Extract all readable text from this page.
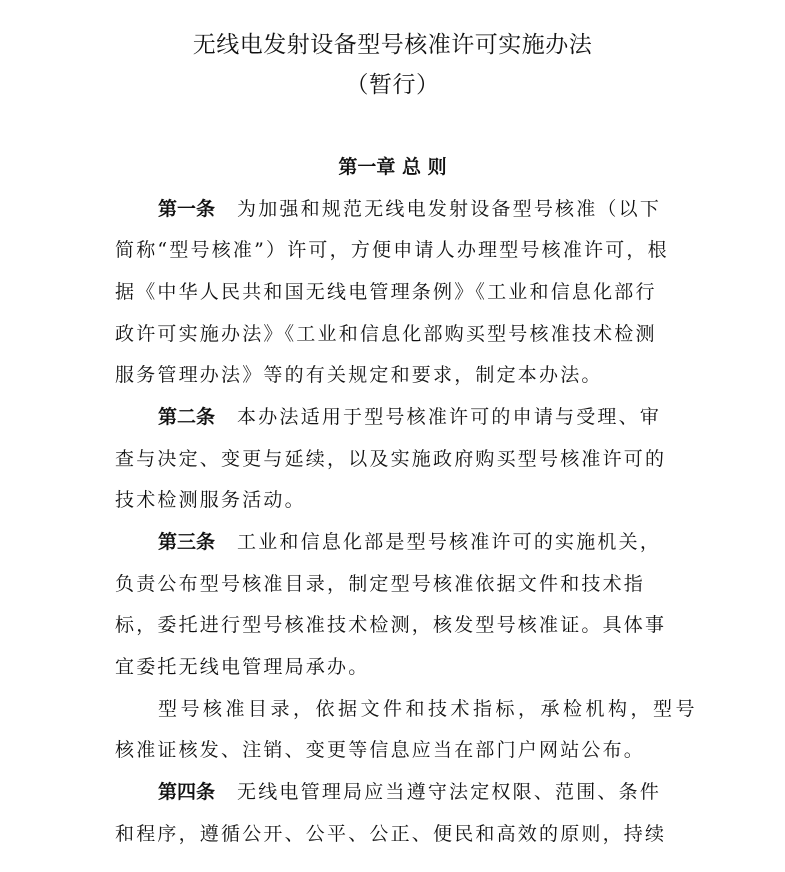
无线电发射设备型号核准许可实施办法
（暂行）
第一章 总 则
第一条 为加强和规范无线电发射设备型号核准（以下
简称“型号核准”）许可，方便申请人办理型号核准许可，根
据《中华人民共和国无线电管理条例》《工业和信息化部行
政许可实施办法》《工业和信息化部购买型号核准技术检测
服务管理办法》等的有关规定和要求，制定本办法。
第二条 本办法适用于型号核准许可的申请与受理、审
查与决定、变更与延续，以及实施政府购买型号核准许可的
技术检测服务活动。
第三条 工业和信息化部是型号核准许可的实施机关，
负责公布型号核准目录，制定型号核准依据文件和技术指
标，委托进行型号核准技术检测，核发型号核准证。具体事
宜委托无线电管理局承办。
型号核准目录，依据文件和技术指标，承检机构，型号
核准证核发、注销、变更等信息应当在部门户网站公布。
第四条 无线电管理局应当遵守法定权限、范围、条件
和程序，遵循公开、公平、公正、便民和高效的原则，持续
